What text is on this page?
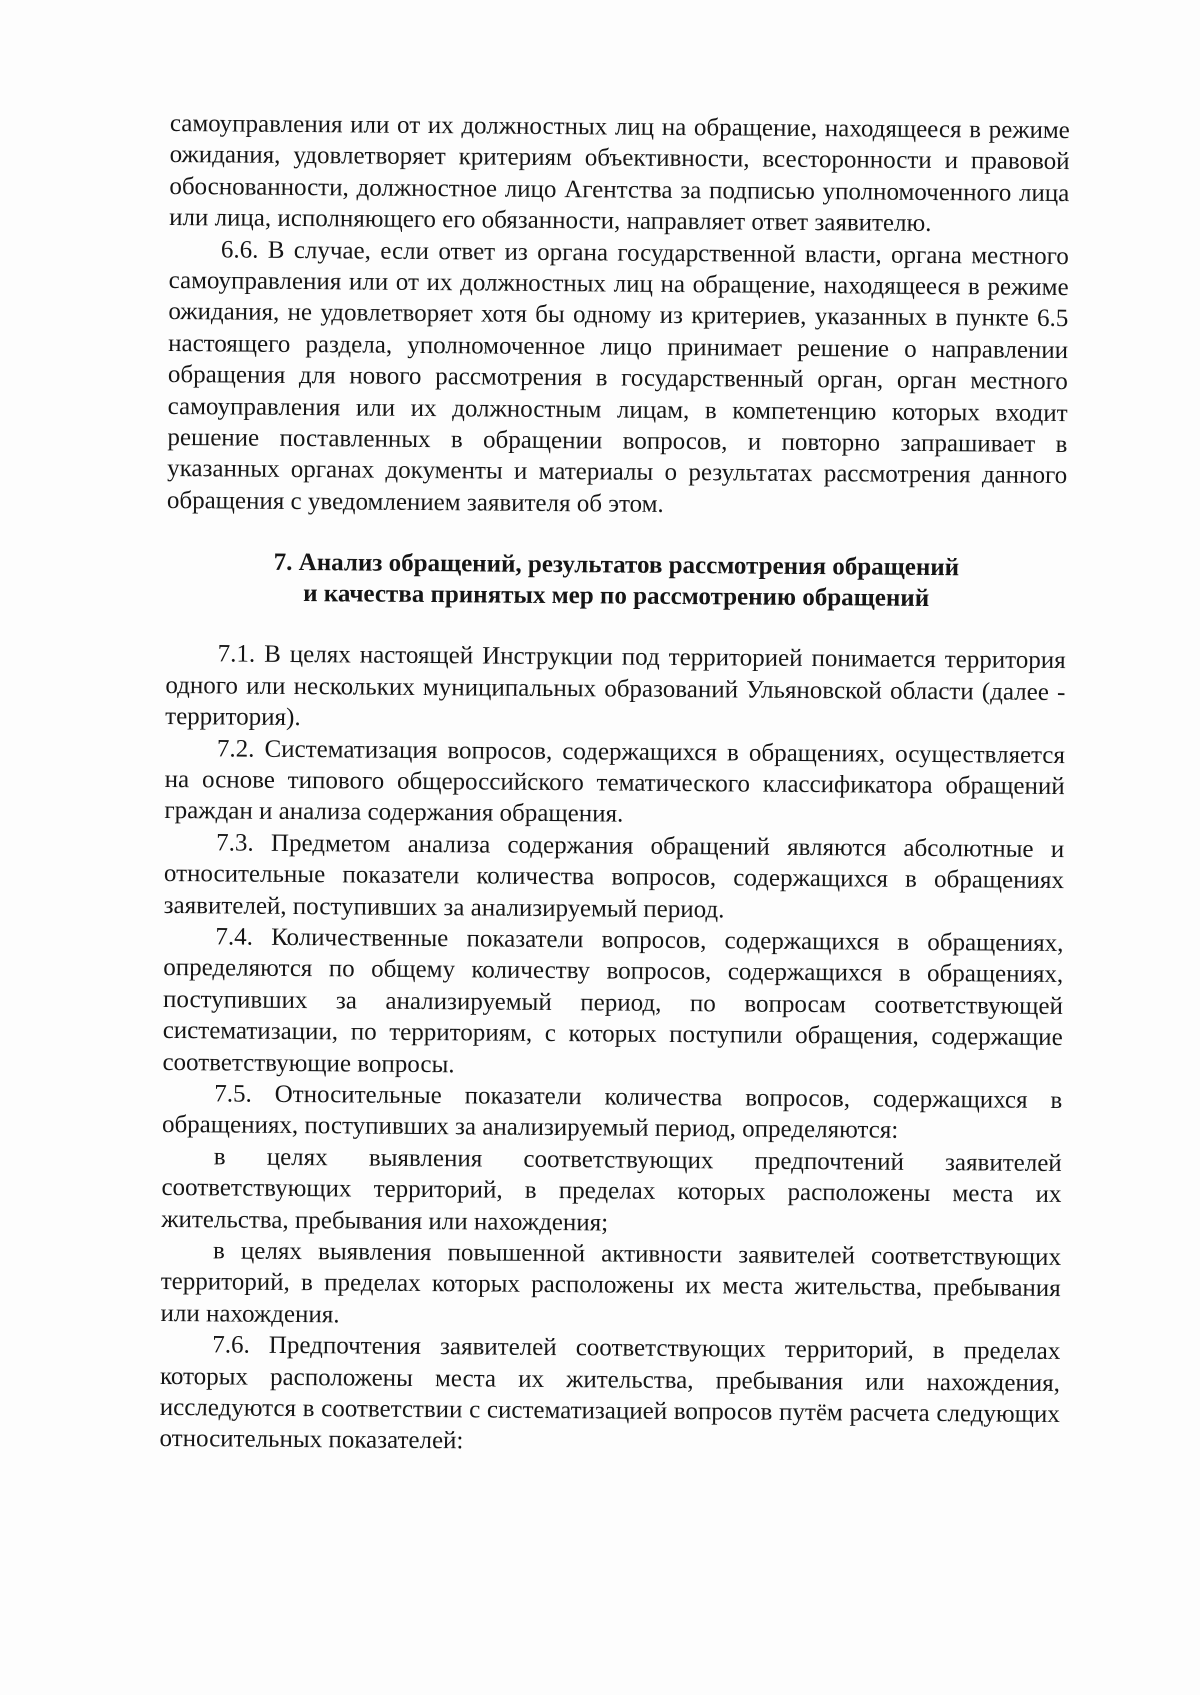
самоуправления или от их должностных лиц на обращение, находящееся в режиме ожидания, удовлетворяет критериям объективности, всесторонности и правовой обоснованности, должностное лицо Агентства за подписью уполномоченного лица или лица, исполняющего его обязанности, направляет ответ заявителю.

6.6. В случае, если ответ из органа государственной власти, органа местного самоуправления или от их должностных лиц на обращение, находящееся в режиме ожидания, не удовлетворяет хотя бы одному из критериев, указанных в пункте 6.5 настоящего раздела, уполномоченное лицо принимает решение о направлении обращения для нового рассмотрения в государственный орган, орган местного самоуправления или их должностным лицам, в компетенцию которых входит решение поставленных в обращении вопросов, и повторно запрашивает в указанных органах документы и материалы о результатах рассмотрения данного обращения с уведомлением заявителя об этом.

7. Анализ обращений, результатов рассмотрения обращений
и качества принятых мер по рассмотрению обращений

7.1. В целях настоящей Инструкции под территорией понимается территория одного или нескольких муниципальных образований Ульяновской области (далее - территория).

7.2. Систематизация вопросов, содержащихся в обращениях, осуществляется на основе типового общероссийского тематического классификатора обращений граждан и анализа содержания обращения.

7.3. Предметом анализа содержания обращений являются абсолютные и относительные показатели количества вопросов, содержащихся в обращениях заявителей, поступивших за анализируемый период.

7.4. Количественные показатели вопросов, содержащихся в обращениях, определяются по общему количеству вопросов, содержащихся в обращениях, поступивших за анализируемый период, по вопросам соответствующей систематизации, по территориям, с которых поступили обращения, содержащие соответствующие вопросы.

7.5. Относительные показатели количества вопросов, содержащихся в обращениях, поступивших за анализируемый период, определяются:

в целях выявления соответствующих предпочтений заявителей соответствующих территорий, в пределах которых расположены места их жительства, пребывания или нахождения;

в целях выявления повышенной активности заявителей соответствующих территорий, в пределах которых расположены их места жительства, пребывания или нахождения.

7.6. Предпочтения заявителей соответствующих территорий, в пределах которых расположены места их жительства, пребывания или нахождения, исследуются в соответствии с систематизацией вопросов путём расчета следующих относительных показателей:
